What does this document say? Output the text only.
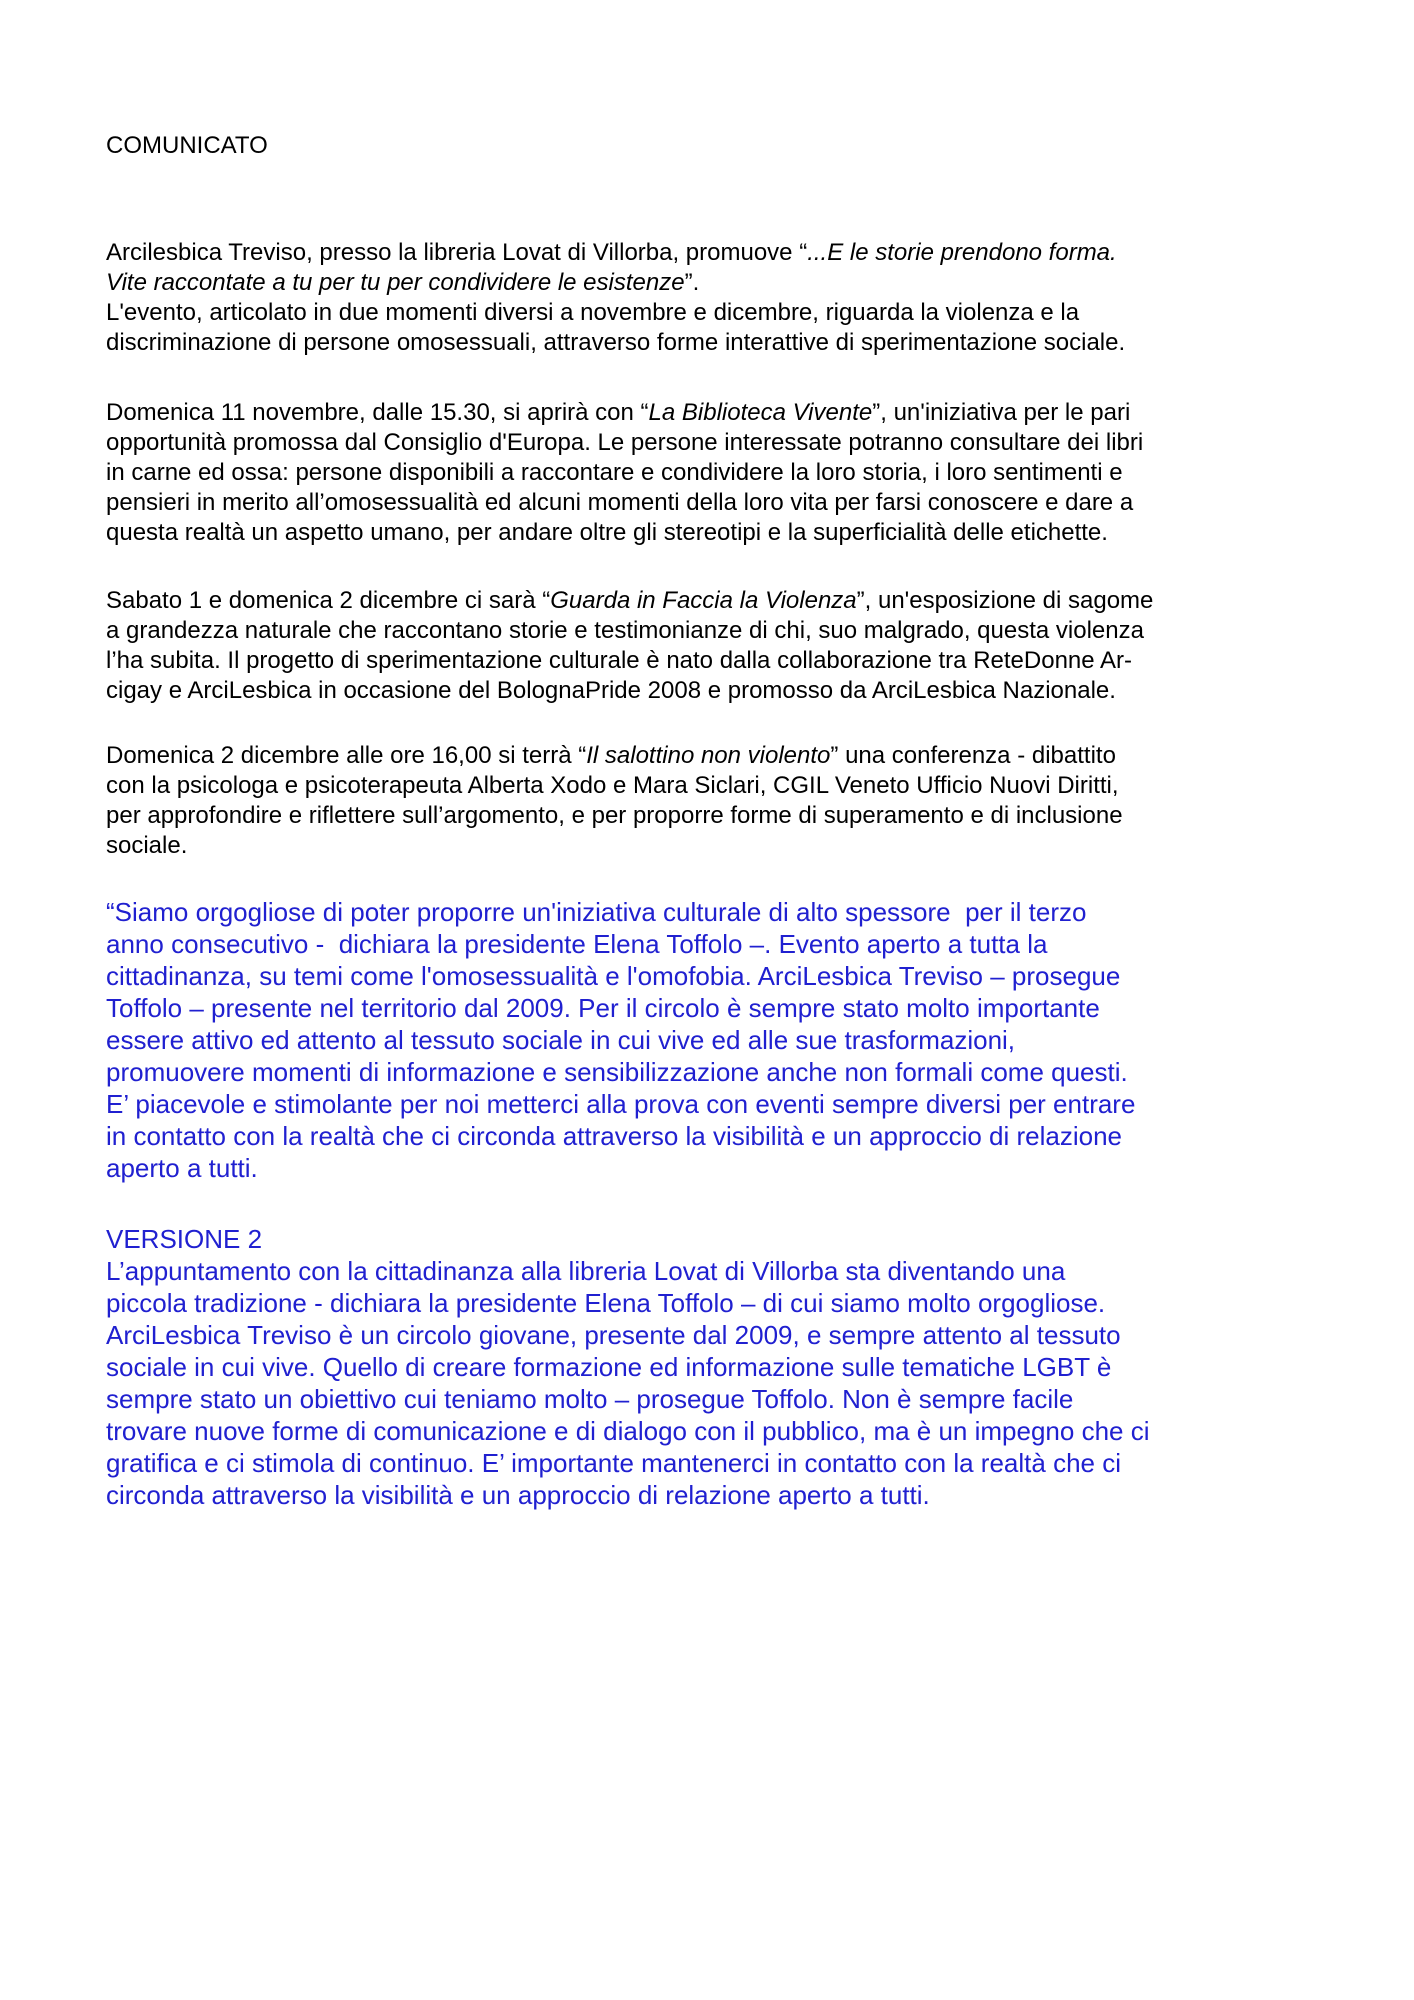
COMUNICATO
Arcilesbica Treviso, presso la libreria Lovat di Villorba, promuove “...E le storie prendono forma.
Vite raccontate a tu per tu per condividere le esistenze”.
L'evento, articolato in due momenti diversi a novembre e dicembre, riguarda la violenza e la
discriminazione di persone omosessuali, attraverso forme interattive di sperimentazione sociale.
Domenica 11 novembre, dalle 15.30, si aprirà con “La Biblioteca Vivente”, un'iniziativa per le pari
opportunità promossa dal Consiglio d'Europa. Le persone interessate potranno consultare dei libri
in carne ed ossa: persone disponibili a raccontare e condividere la loro storia, i loro sentimenti e
pensieri in merito all’omosessualità ed alcuni momenti della loro vita per farsi conoscere e dare a
questa realtà un aspetto umano, per andare oltre gli stereotipi e la superficialità delle etichette.
Sabato 1 e domenica 2 dicembre ci sarà “Guarda in Faccia la Violenza”, un'esposizione di sagome
a grandezza naturale che raccontano storie e testimonianze di chi, suo malgrado, questa violenza
l’ha subita. Il progetto di sperimentazione culturale è nato dalla collaborazione tra ReteDonne Ar-
cigay e ArciLesbica in occasione del BolognaPride 2008 e promosso da ArciLesbica Nazionale.
Domenica 2 dicembre alle ore 16,00 si terrà “Il salottino non violento” una conferenza - dibattito
con la psicologa e psicoterapeuta Alberta Xodo e Mara Siclari, CGIL Veneto Ufficio Nuovi Diritti,
per approfondire e riflettere sull’argomento, e per proporre forme di superamento e di inclusione
sociale.
“Siamo orgogliose di poter proporre un'iniziativa culturale di alto spessore  per il terzo
anno consecutivo -  dichiara la presidente Elena Toffolo –. Evento aperto a tutta la
cittadinanza, su temi come l'omosessualità e l'omofobia. ArciLesbica Treviso – prosegue
Toffolo – presente nel territorio dal 2009. Per il circolo è sempre stato molto importante
essere attivo ed attento al tessuto sociale in cui vive ed alle sue trasformazioni,
promuovere momenti di informazione e sensibilizzazione anche non formali come questi.
E’ piacevole e stimolante per noi metterci alla prova con eventi sempre diversi per entrare
in contatto con la realtà che ci circonda attraverso la visibilità e un approccio di relazione
aperto a tutti.
VERSIONE 2
L’appuntamento con la cittadinanza alla libreria Lovat di Villorba sta diventando una
piccola tradizione - dichiara la presidente Elena Toffolo – di cui siamo molto orgogliose.
ArciLesbica Treviso è un circolo giovane, presente dal 2009, e sempre attento al tessuto
sociale in cui vive. Quello di creare formazione ed informazione sulle tematiche LGBT è
sempre stato un obiettivo cui teniamo molto – prosegue Toffolo. Non è sempre facile
trovare nuove forme di comunicazione e di dialogo con il pubblico, ma è un impegno che ci
gratifica e ci stimola di continuo. E’ importante mantenerci in contatto con la realtà che ci
circonda attraverso la visibilità e un approccio di relazione aperto a tutti.
